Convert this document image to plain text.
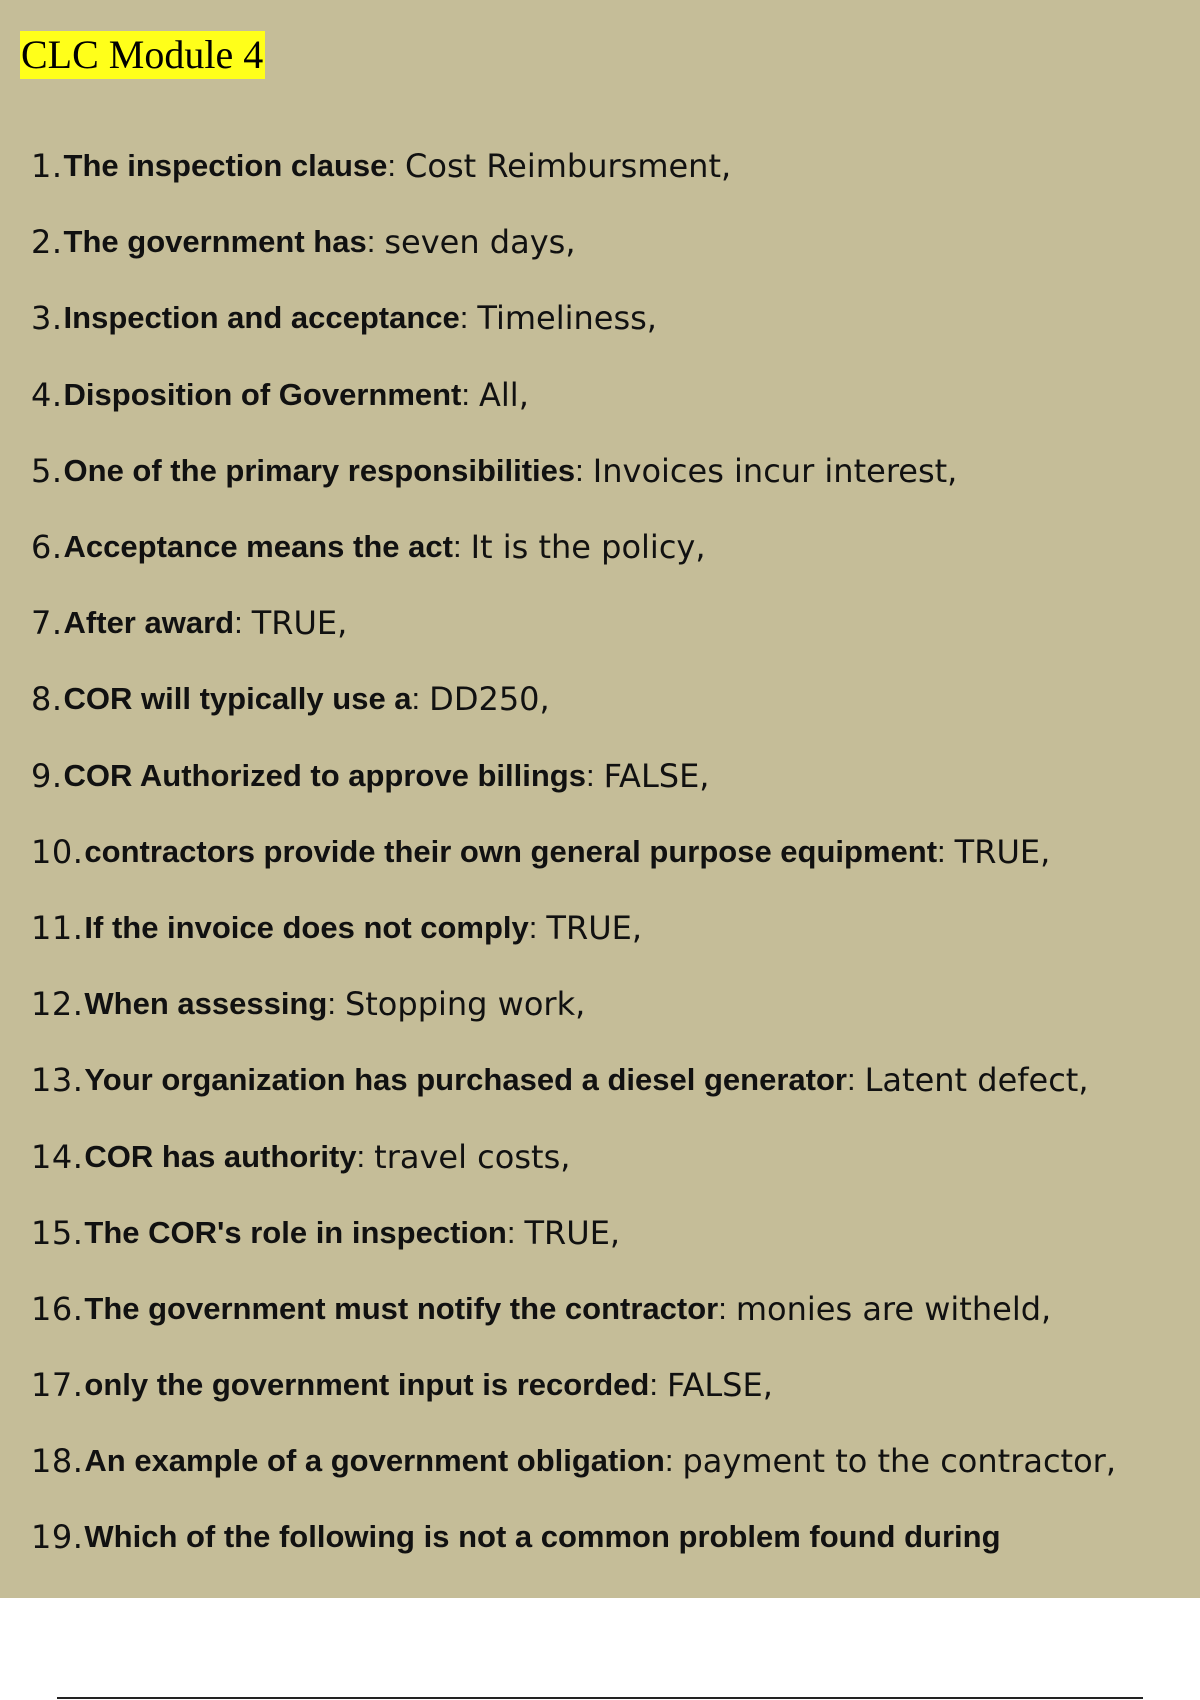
CLC Module 4
1. The inspection clause : Cost Reimbursment,
2. The government has : seven days,
3. Inspection and acceptance : Timeliness,
4. Disposition of Government : All,
5. One of the primary responsibilities : Invoices incur interest,
6. Acceptance means the act : It is the policy,
7. After award : TRUE,
8. COR will typically use a : DD250,
9. COR Authorized to approve billings : FALSE,
10. contractors provide their own general purpose equipment : TRUE,
11. If the invoice does not comply : TRUE,
12. When assessing : Stopping work,
13. Your organization has purchased a diesel generator : Latent defect,
14. COR has authority : travel costs,
15. The COR's role in inspection : TRUE,
16. The government must notify the contractor : monies are witheld,
17. only the government input is recorded : FALSE,
18. An example of a government obligation : payment to the contractor,
19. Which of the following is not a common problem found during
